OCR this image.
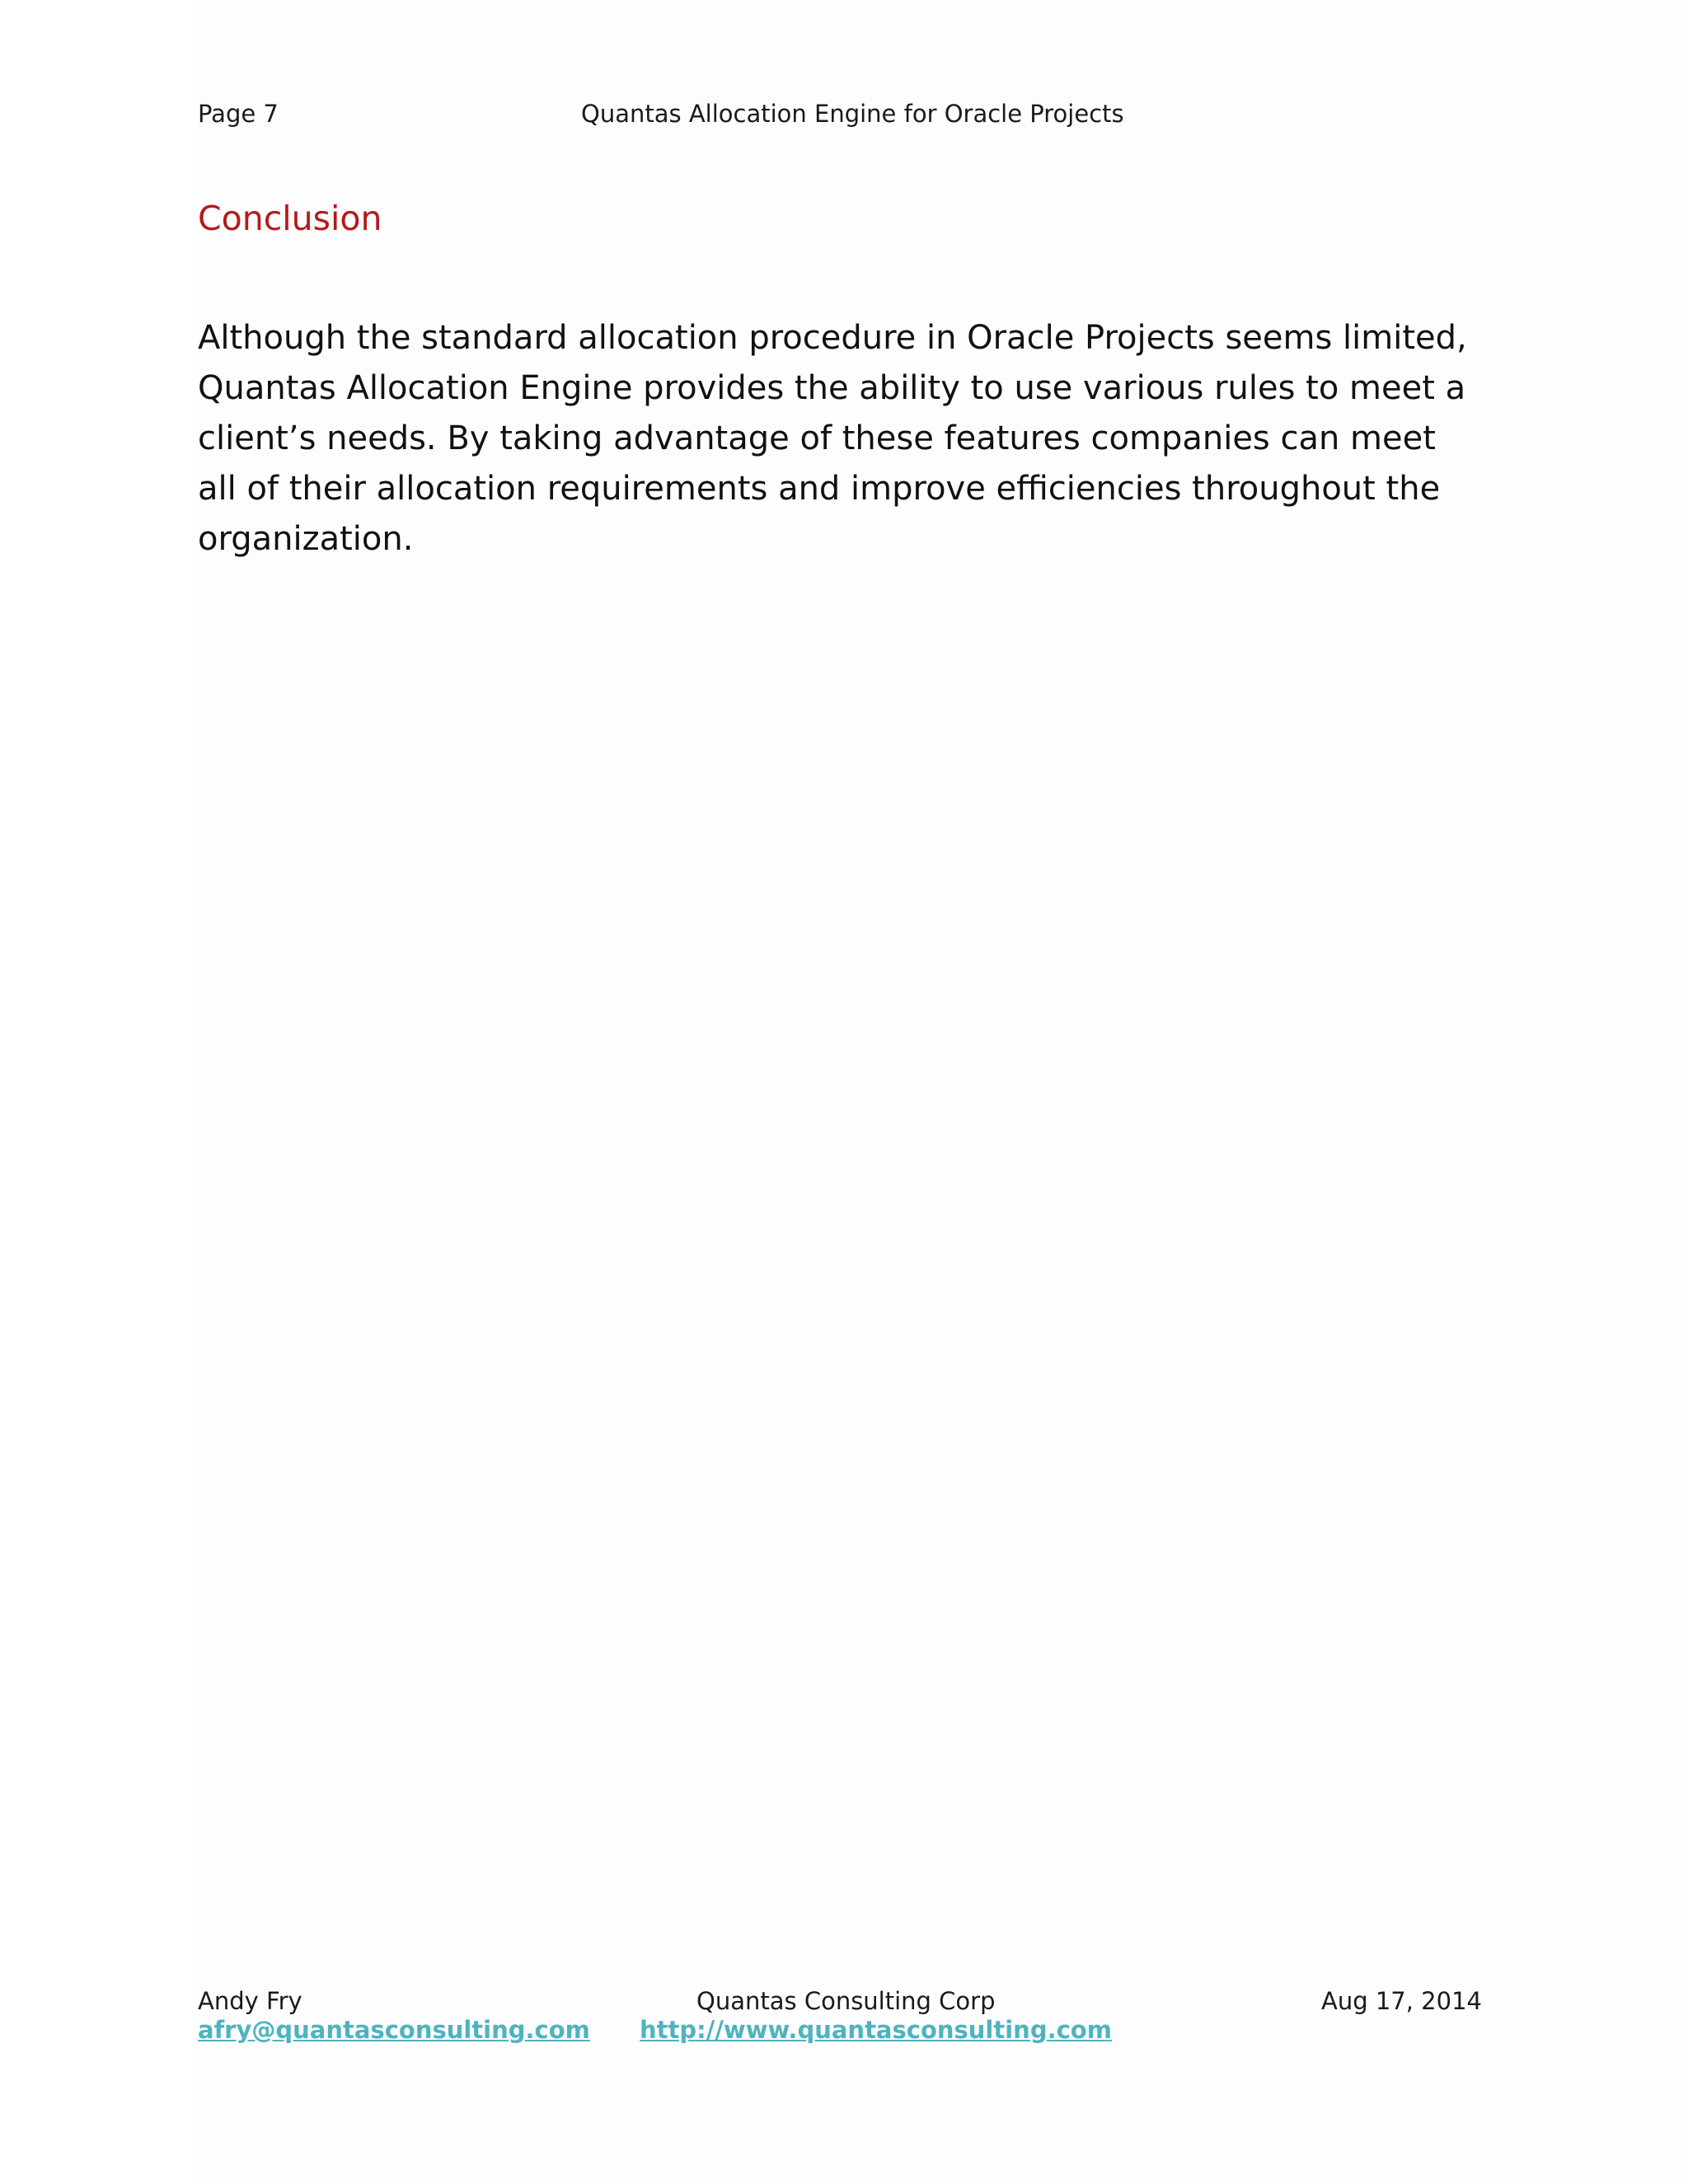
Page 7	Quantas Allocation Engine for Oracle Projects
Conclusion

Although the standard allocation procedure in Oracle Projects seems limited, Quantas Allocation Engine provides the ability to use various rules to meet a client’s needs. By taking advantage of these features companies can meet all of their allocation requirements and improve efficiencies throughout the organization.

Andy Fry	Quantas Consulting Corp	Aug 17, 2014
afry@quantasconsulting.com http://www.quantasconsulting.com
